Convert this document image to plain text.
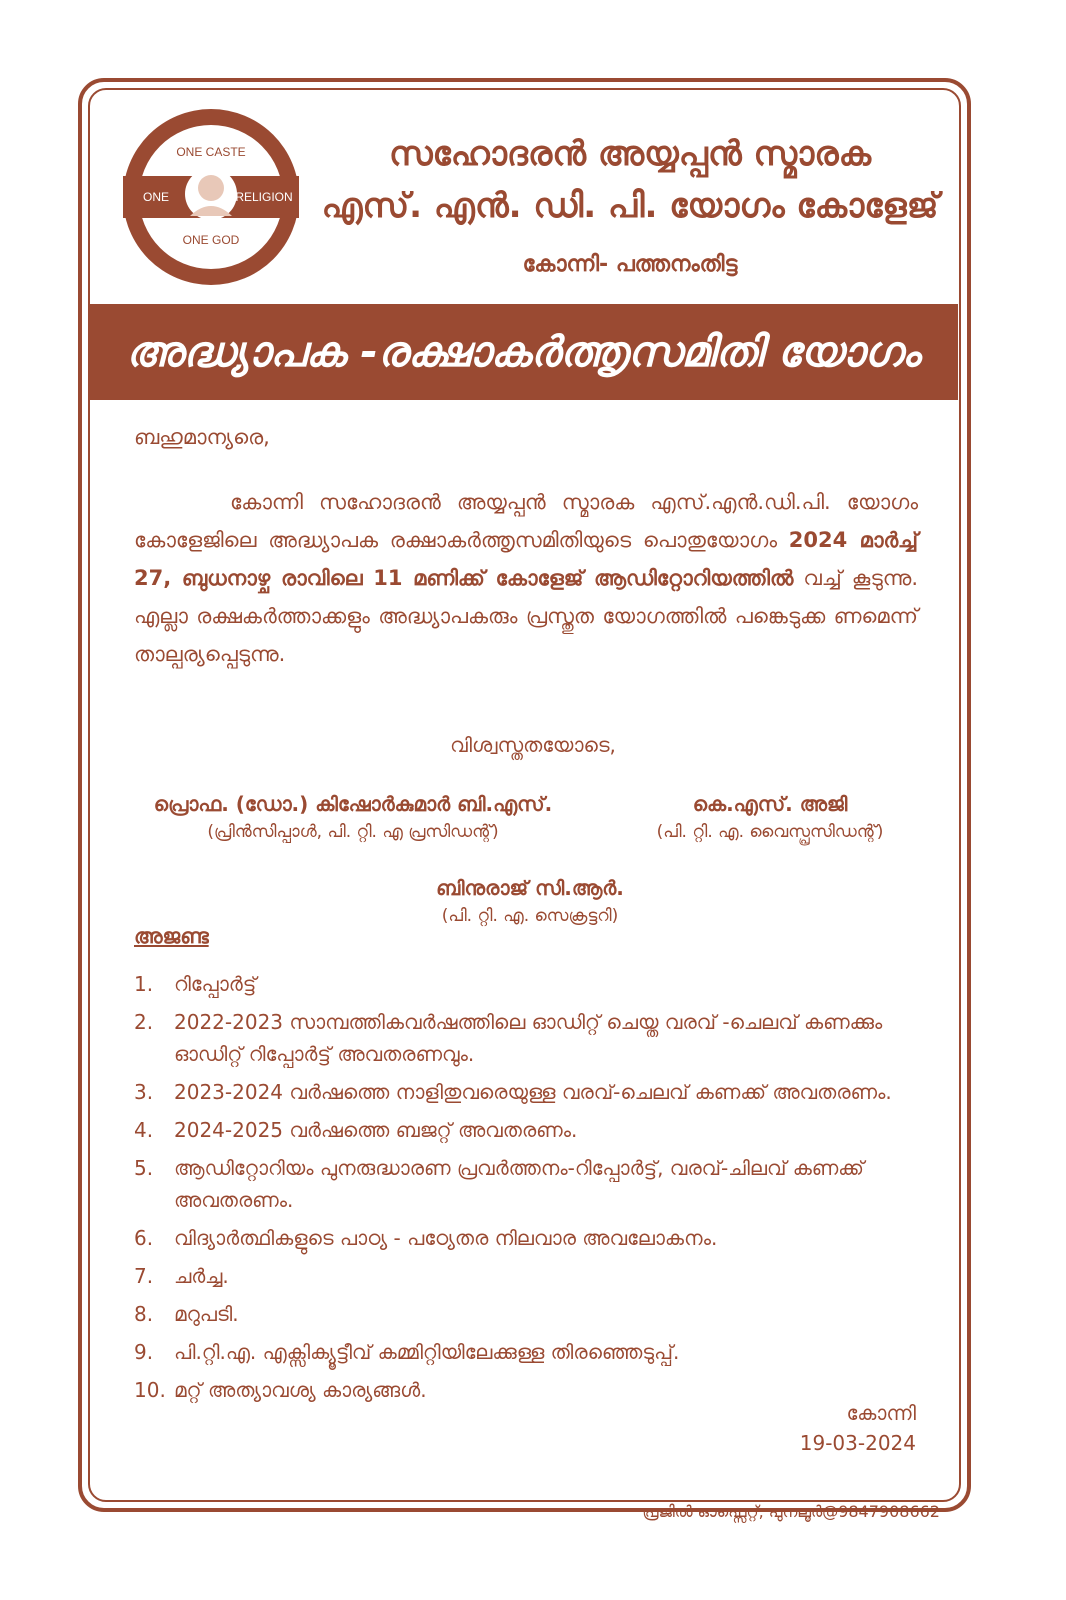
ONE CASTE
ONE	RELIGION
ONE GOD
സഹോദരൻ അയ്യപ്പൻ സ്മാരക
എസ്. എൻ. ഡി. പി. യോഗം കോളേജ്
കോന്നി- പത്തനംതിട്ട
അദ്ധ്യാപക -രക്ഷാകർത്തൃസമിതി യോഗം
ബഹുമാന്യരെ,
കോന്നി സഹോദരൻ അയ്യപ്പൻ സ്മാരക എസ്.എൻ.ഡി.പി. യോഗം കോളേജിലെ അദ്ധ്യാപക രക്ഷാകർത്തൃസമിതിയുടെ പൊതുയോഗം 2024 മാർച്ച് 27, ബുധനാഴ്ച രാവിലെ 11 മണിക്ക് കോളേജ് ആഡിറ്റോറിയത്തിൽ വച്ച് കൂടുന്നു. എല്ലാ രക്ഷകർത്താക്കളും അദ്ധ്യാപകരും പ്രസ്തുത യോഗത്തിൽ പങ്കെടുക്ക ണമെന്ന് താല്പര്യപ്പെടുന്നു.
വിശ്വസ്തതയോടെ,
പ്രൊഫ. (ഡോ.) കിഷോർകുമാർ ബി.എസ്.
(പ്രിൻസിപ്പാൾ, പി. റ്റി. എ പ്രസിഡന്റ്)
കെ.എസ്. അജി
(പി. റ്റി. എ. വൈസ്പ്രസിഡന്റ്)
ബിനുരാജ് സി.ആർ.
(പി. റ്റി. എ. സെക്രട്ടറി)
അജണ്ട
1.	റിപ്പോർട്ട്
2.	2022-2023 സാമ്പത്തികവർഷത്തിലെ ഓഡിറ്റ് ചെയ്ത വരവ് -ചെലവ് കണക്കും ഓഡിറ്റ് റിപ്പോർട്ട് അവതരണവും.
3.	2023-2024 വർഷത്തെ നാളിതുവരെയുള്ള വരവ്-ചെലവ് കണക്ക് അവതരണം.
4.	2024-2025 വർഷത്തെ ബജറ്റ് അവതരണം.
5.	ആഡിറ്റോറിയം പുനരുദ്ധാരണ പ്രവർത്തനം-റിപ്പോർട്ട്, വരവ്-ചിലവ് കണക്ക് അവതരണം.
6.	വിദ്യാർത്ഥികളുടെ പാഠ്യ - പഠ്യേതര നിലവാര അവലോകനം.
7.	ചർച്ച.
8.	മറുപടി.
9.	പി.റ്റി.എ. എക്സിക്യൂട്ടീവ് കമ്മിറ്റിയിലേക്കുള്ള തിരഞ്ഞെടുപ്പ്.
10. മറ്റ് അത്യാവശ്യ കാര്യങ്ങൾ.
കോന്നി
19-03-2024
പ്രജിൽ ഓഫ്സെറ്റ്, പുനലൂർ@9847908662
